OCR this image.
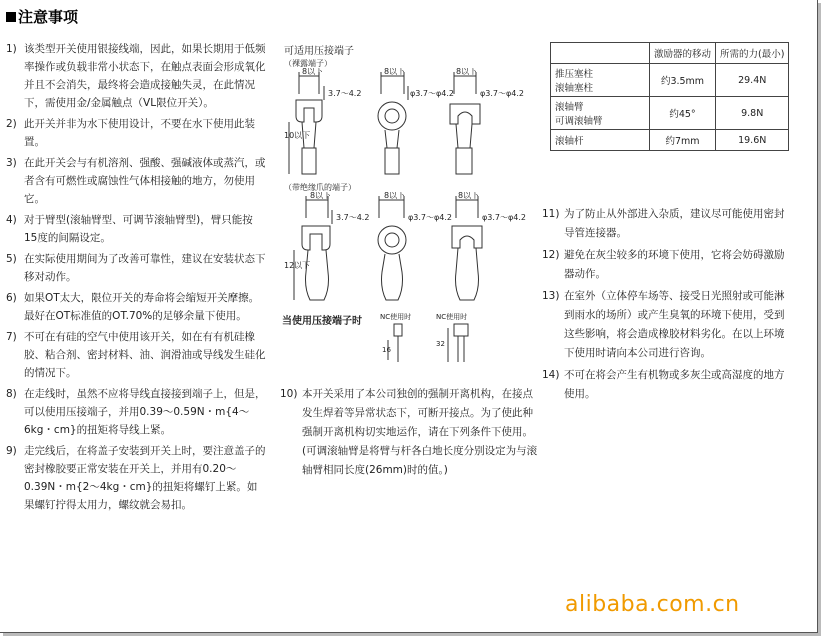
注意事项
1) 该类型开关使用银接线端，因此，如果长期用于低频率操作或负载非常小状态下，在触点表面会形成氧化并且不会消失，最终将会造成接触失灵，在此情况下，需使用金/金属触点（VL限位开关）。
2) 此开关并非为水下使用设计，不要在水下使用此装置。
3) 在此开关会与有机溶剂、强酸、强碱液体或蒸汽，或者含有可燃性或腐蚀性气体相接触的地方，勿使用它。
4) 对于臂型(滚轴臂型、可调节滚轴臂型)，臂只能按15度的间隔设定。
5) 在实际使用期间为了改善可靠性，建议在安装状态下移对动作。
6) 如果OT太大，限位开关的寿命将会缩短开关摩擦。最好在OT标准值的OT.70%的足够余量下使用。
7) 不可在有硅的空气中使用该开关，如在有有机硅橡胶、粘合剂、密封材料、油、润滑油或导线发生硅化的情况下。
8) 在走线时，虽然不应将导线直接接到端子上，但是，可以使用压接端子，并用0.39～0.59N・m{4～6kg・cm}的扭矩将导线上紧。
9) 走完线后，在将盖子安装到开关上时，要注意盖子的密封橡胶要正常安装在开关上，并用有0.20～0.39N・m{2～4kg・cm}的扭矩将螺钉上紧。如果螺钉拧得太用力，螺纹就会易扣。
可适用压接端子
（裸露端子）
8以下
3.7～4.2
10以下
8以下
φ3.7～φ4.2
8以下
φ3.7～φ4.2
（带绝缘爪的端子）
8以下
3.7～4.2
12以下
8以下
φ3.7～φ4.2
8以下
φ3.7～φ4.2
当使用压接端子时	NC使用时	NC使用时
16
32
	激励器的移动	所需的力(最小)
推压塞柱
滚轴塞柱	约3.5mm	29.4N
滚轴臂
可调滚轴臂	约45°	9.8N
滚轴杆	约7mm	19.6N
11) 为了防止从外部进入杂质，建议尽可能使用密封导管连接器。
12) 避免在灰尘较多的环境下使用，它将会妨碍激励器动作。
13) 在室外（立体停车场等、接受日光照射或可能淋到雨水的场所）或产生臭氧的环境下使用，受到这些影响，将会造成橡胶材料劣化。在以上环境下使用时请向本公司进行咨询。
14) 不可在将会产生有机物或多灰尘或高湿度的地方使用。
10) 本开关采用了本公司独创的强制开离机构，在接点发生焊着等异常状态下，可断开接点。为了使此种强制开离机构切实地运作，请在下列条件下使用。(可调滚轴臂是将臂与杆各白地长度分别设定为与滚轴臂相同长度(26mm)时的值。)
alibaba.com.cn
